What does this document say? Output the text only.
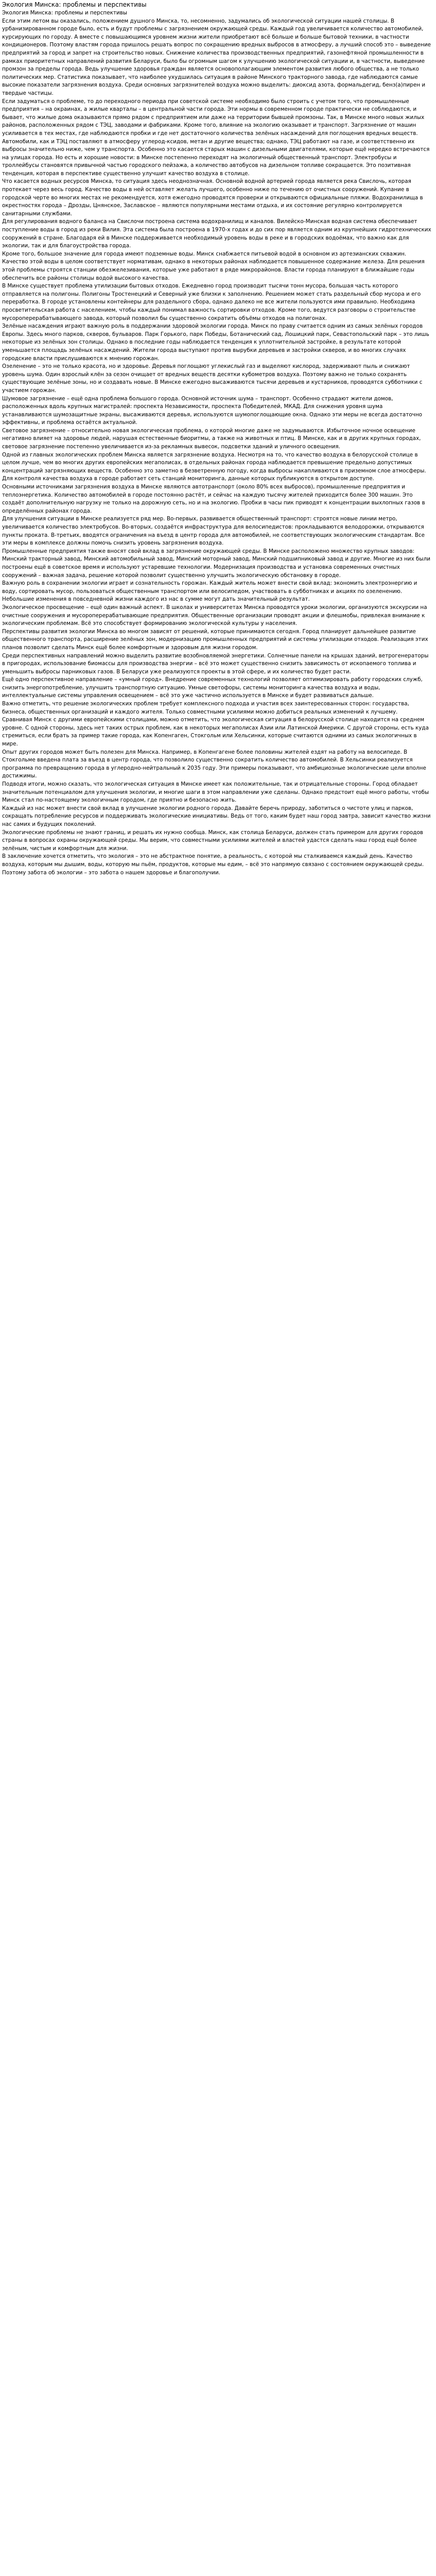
Экология Минска: проблемы и перспективы

Экология Минска: проблемы и перспективы

Если этим летом вы оказались, положением душного Минска, то, несомненно, задумались об экологической ситуации нашей столицы. В урбанизированном городе было, есть и будут проблемы с загрязнением окружающей среды. Каждый год увеличивается количество автомобилей, курсирующих по городу. А вместе с повышающимся уровнем жизни жители приобретают всё больше и больше бытовой техники, в частности кондиционеров. Поэтому властям города пришлось решать вопрос по сокращению вредных выбросов в атмосферу, а лучший способ это – выведение предприятий за город и запрет на строительство новых. Снижение количества производственных предприятий, газонефтяной промышленности в рамках приоритетных направлений развития Беларуси, было бы огромным шагом к улучшению экологической ситуации и, в частности, выведение промзон за пределы города. Ведь улучшение здоровья граждан является основополагающим элементом развития любого общества, а не только политических мер. Статистика показывает, что наиболее ухудшилась ситуация в районе Минского тракторного завода, где наблюдаются самые высокие показатели загрязнения воздуха. Среди основных загрязнителей воздуха можно выделить: диоксид азота, формальдегид, бенз(а)пирен и твердые частицы.

Если задуматься о проблеме, то до переходного периода при советской системе необходимо было строить с учетом того, что промышленные предприятия – на окраинах, а жилые кварталы – в центральной части города. Эти нормы в современном городе практически не соблюдаются, и бывает, что жилые дома оказываются прямо рядом с предприятием или даже на территории бывшей промзоны. Так, в Минске много новых жилых районов, расположенных рядом с ТЭЦ, заводами и фабриками. Кроме того, влияние на экологию оказывает и транспорт. Загрязнение от машин усиливается в тех местах, где наблюдаются пробки и где нет достаточного количества зелёных насаждений для поглощения вредных веществ.

Автомобили, как и ТЭЦ поставляют в атмосферу углерод-ксидов, метан и другие вещества; однако, ТЭЦ работают на газе, и соответственно их выбросы значительно ниже, чем у транспорта. Особенно это касается старых машин с дизельными двигателями, которые ещё нередко встречаются на улицах города. Но есть и хорошие новости: в Минске постепенно переходят на экологичный общественный транспорт. Электробусы и троллейбусы становятся привычной частью городского пейзажа, а количество автобусов на дизельном топливе сокращается. Это позитивная тенденция, которая в перспективе существенно улучшит качество воздуха в столице.

Что касается водных ресурсов Минска, то ситуация здесь неоднозначная. Основной водной артерией города является река Свислочь, которая протекает через весь город. Качество воды в ней оставляет желать лучшего, особенно ниже по течению от очистных сооружений. Купание в городской черте во многих местах не рекомендуется, хотя ежегодно проводятся проверки и открываются официальные пляжи. Водохранилища в окрестностях города – Дрозды, Цнянское, Заславское – являются популярными местами отдыха, и их состояние регулярно контролируется санитарными службами.

Для регулирования водного баланса на Свислочи построена система водохранилищ и каналов. Вилейско-Минская водная система обеспечивает поступление воды в город из реки Вилия. Эта система была построена в 1970-х годах и до сих пор является одним из крупнейших гидротехнических сооружений в стране. Благодаря ей в Минске поддерживается необходимый уровень воды в реке и в городских водоёмах, что важно как для экологии, так и для благоустройства города.

Кроме того, большое значение для города имеют подземные воды. Минск снабжается питьевой водой в основном из артезианских скважин. Качество этой воды в целом соответствует нормативам, однако в некоторых районах наблюдается повышенное содержание железа. Для решения этой проблемы строятся станции обезжелезивания, которые уже работают в ряде микрорайонов. Власти города планируют в ближайшие годы обеспечить все районы столицы водой высокого качества.

В Минске существует проблема утилизации бытовых отходов. Ежедневно город производит тысячи тонн мусора, большая часть которого отправляется на полигоны. Полигоны Тростенецкий и Северный уже близки к заполнению. Решением может стать раздельный сбор мусора и его переработка. В городе установлены контейнеры для раздельного сбора, однако далеко не все жители пользуются ими правильно. Необходима просветительская работа с населением, чтобы каждый понимал важность сортировки отходов. Кроме того, ведутся разговоры о строительстве мусороперерабатывающего завода, который позволил бы существенно сократить объёмы отходов на полигонах.

Зелёные насаждения играют важную роль в поддержании здоровой экологии города. Минск по праву считается одним из самых зелёных городов Европы. Здесь много парков, скверов, бульваров. Парк Горького, парк Победы, Ботанический сад, Лошицкий парк, Севастопольский парк – это лишь некоторые из зелёных зон столицы. Однако в последние годы наблюдается тенденция к уплотнительной застройке, в результате которой уменьшается площадь зелёных насаждений. Жители города выступают против вырубки деревьев и застройки скверов, и во многих случаях городские власти прислушиваются к мнению горожан.

Озеленение – это не только красота, но и здоровье. Деревья поглощают углекислый газ и выделяют кислород, задерживают пыль и снижают уровень шума. Один взрослый клён за сезон очищает от вредных веществ десятки кубометров воздуха. Поэтому важно не только сохранять существующие зелёные зоны, но и создавать новые. В Минске ежегодно высаживаются тысячи деревьев и кустарников, проводятся субботники с участием горожан.

Шумовое загрязнение – ещё одна проблема большого города. Основной источник шума – транспорт. Особенно страдают жители домов, расположенных вдоль крупных магистралей: проспекта Независимости, проспекта Победителей, МКАД. Для снижения уровня шума устанавливаются шумозащитные экраны, высаживаются деревья, используются шумопоглощающие окна. Однако эти меры не всегда достаточно эффективны, и проблема остаётся актуальной.

Световое загрязнение – относительно новая экологическая проблема, о которой многие даже не задумываются. Избыточное ночное освещение негативно влияет на здоровье людей, нарушая естественные биоритмы, а также на животных и птиц. В Минске, как и в других крупных городах, световое загрязнение постепенно увеличивается из-за рекламных вывесок, подсветки зданий и уличного освещения.

Одной из главных экологических проблем Минска является загрязнение воздуха. Несмотря на то, что качество воздуха в белорусской столице в целом лучше, чем во многих других европейских мегаполисах, в отдельных районах города наблюдается превышение предельно допустимых концентраций загрязняющих веществ. Особенно это заметно в безветренную погоду, когда выбросы накапливаются в приземном слое атмосферы. Для контроля качества воздуха в городе работает сеть станций мониторинга, данные которых публикуются в открытом доступе.

Основными источниками загрязнения воздуха в Минске являются автотранспорт (около 80% всех выбросов), промышленные предприятия и теплоэнергетика. Количество автомобилей в городе постоянно растёт, и сейчас на каждую тысячу жителей приходится более 300 машин. Это создаёт дополнительную нагрузку не только на дорожную сеть, но и на экологию. Пробки в часы пик приводят к концентрации выхлопных газов в определённых районах города.

Для улучшения ситуации в Минске реализуется ряд мер. Во-первых, развивается общественный транспорт: строятся новые линии метро, увеличивается количество электробусов. Во-вторых, создаётся инфраструктура для велосипедистов: прокладываются велодорожки, открываются пункты проката. В-третьих, вводятся ограничения на въезд в центр города для автомобилей, не соответствующих экологическим стандартам. Все эти меры в комплексе должны помочь снизить уровень загрязнения воздуха.

Промышленные предприятия также вносят свой вклад в загрязнение окружающей среды. В Минске расположено множество крупных заводов: Минский тракторный завод, Минский автомобильный завод, Минский моторный завод, Минский подшипниковый завод и другие. Многие из них были построены ещё в советское время и используют устаревшие технологии. Модернизация производства и установка современных очистных сооружений – важная задача, решение которой позволит существенно улучшить экологическую обстановку в городе.

Важную роль в сохранении экологии играет и сознательность горожан. Каждый житель может внести свой вклад: экономить электроэнергию и воду, сортировать мусор, пользоваться общественным транспортом или велосипедом, участвовать в субботниках и акциях по озеленению. Небольшие изменения в повседневной жизни каждого из нас в сумме могут дать значительный результат.

Экологическое просвещение – ещё один важный аспект. В школах и университетах Минска проводятся уроки экологии, организуются экскурсии на очистные сооружения и мусороперерабатывающие предприятия. Общественные организации проводят акции и флешмобы, привлекая внимание к экологическим проблемам. Всё это способствует формированию экологической культуры у населения.

Перспективы развития экологии Минска во многом зависят от решений, которые принимаются сегодня. Город планирует дальнейшее развитие общественного транспорта, расширение зелёных зон, модернизацию промышленных предприятий и системы утилизации отходов. Реализация этих планов позволит сделать Минск ещё более комфортным и здоровым для жизни городом.

Среди перспективных направлений можно выделить развитие возобновляемой энергетики. Солнечные панели на крышах зданий, ветрогенераторы в пригородах, использование биомассы для производства энергии – всё это может существенно снизить зависимость от ископаемого топлива и уменьшить выбросы парниковых газов. В Беларуси уже реализуются проекты в этой сфере, и их количество будет расти.

Ещё одно перспективное направление – «умный город». Внедрение современных технологий позволяет оптимизировать работу городских служб, снизить энергопотребление, улучшить транспортную ситуацию. Умные светофоры, системы мониторинга качества воздуха и воды, интеллектуальные системы управления освещением – всё это уже частично используется в Минске и будет развиваться дальше.

Важно отметить, что решение экологических проблем требует комплексного подхода и участия всех заинтересованных сторон: государства, бизнеса, общественных организаций и каждого жителя. Только совместными усилиями можно добиться реальных изменений к лучшему.

Сравнивая Минск с другими европейскими столицами, можно отметить, что экологическая ситуация в белорусской столице находится на среднем уровне. С одной стороны, здесь нет таких острых проблем, как в некоторых мегаполисах Азии или Латинской Америки. С другой стороны, есть куда стремиться, если брать за пример такие города, как Копенгаген, Стокгольм или Хельсинки, которые считаются одними из самых экологичных в мире.

Опыт других городов может быть полезен для Минска. Например, в Копенгагене более половины жителей ездят на работу на велосипеде. В Стокгольме введена плата за въезд в центр города, что позволило существенно сократить количество автомобилей. В Хельсинки реализуется программа по превращению города в углеродно-нейтральный к 2035 году. Эти примеры показывают, что амбициозные экологические цели вполне достижимы.

Подводя итоги, можно сказать, что экологическая ситуация в Минске имеет как положительные, так и отрицательные стороны. Город обладает значительным потенциалом для улучшения экологии, и многие шаги в этом направлении уже сделаны. Однако предстоит ещё много работы, чтобы Минск стал по-настоящему экологичным городом, где приятно и безопасно жить.

Каждый из нас может внести свой вклад в улучшение экологии родного города. Давайте беречь природу, заботиться о чистоте улиц и парков, сокращать потребление ресурсов и поддерживать экологические инициативы. Ведь от того, каким будет наш город завтра, зависит качество жизни нас самих и будущих поколений.

Экологические проблемы не знают границ, и решать их нужно сообща. Минск, как столица Беларуси, должен стать примером для других городов страны в вопросах охраны окружающей среды. Мы верим, что совместными усилиями жителей и властей удастся сделать наш город ещё более зелёным, чистым и комфортным для жизни.

В заключение хочется отметить, что экология – это не абстрактное понятие, а реальность, с которой мы сталкиваемся каждый день. Качество воздуха, которым мы дышим, воды, которую мы пьём, продуктов, которые мы едим, – всё это напрямую связано с состоянием окружающей среды. Поэтому забота об экологии – это забота о нашем здоровье и благополучии.
